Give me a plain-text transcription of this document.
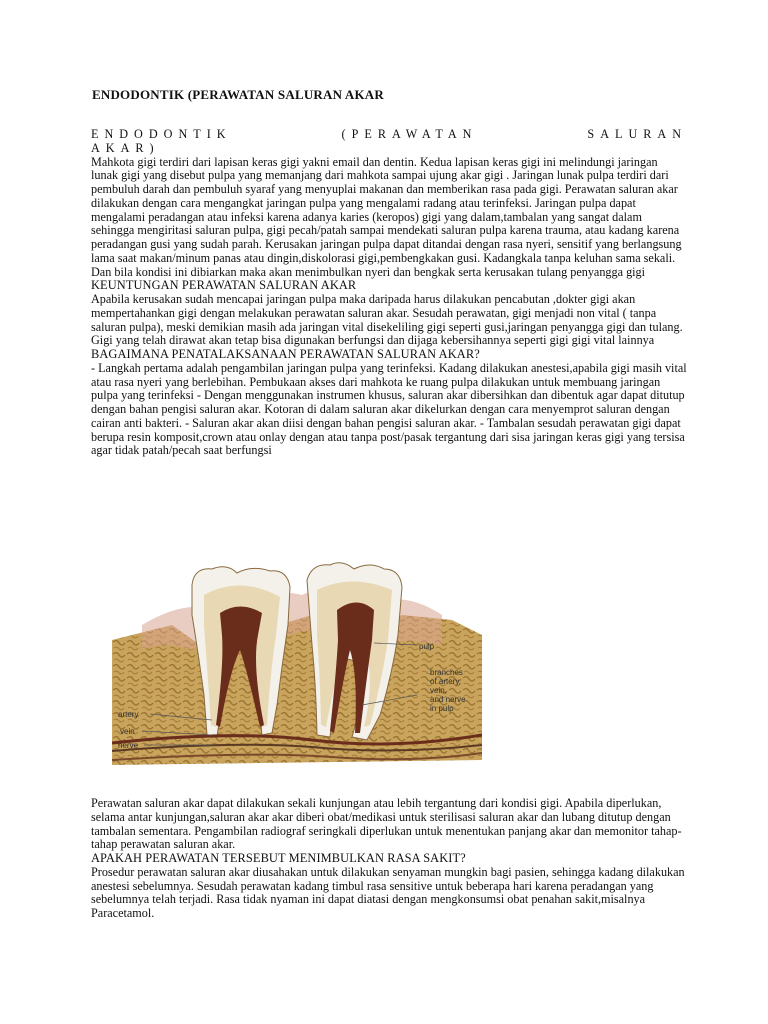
ENDODONTIK (PERAWATAN SALURAN AKAR

ENDODONTIK (PERAWATAN SALURAN

AKAR)

Mahkota gigi terdiri dari lapisan keras gigi yakni email dan dentin. Kedua lapisan keras gigi ini melindungi jaringan lunak gigi yang disebut pulpa yang memanjang dari mahkota sampai ujung akar gigi . Jaringan lunak pulpa terdiri dari pembuluh darah dan pembuluh syaraf yang menyuplai makanan dan memberikan rasa pada gigi. Perawatan saluran akar dilakukan dengan cara mengangkat jaringan pulpa yang mengalami radang atau terinfeksi. Jaringan pulpa dapat mengalami peradangan atau infeksi karena adanya karies (keropos) gigi yang dalam,tambalan yang sangat dalam sehingga mengiritasi saluran pulpa, gigi pecah/patah sampai mendekati saluran pulpa karena trauma, atau kadang karena peradangan gusi yang sudah parah. Kerusakan jaringan pulpa dapat ditandai dengan rasa nyeri, sensitif yang berlangsung lama saat makan/minum panas atau dingin,diskolorasi gigi,pembengkakan gusi. Kadangkala tanpa keluhan sama sekali. Dan bila kondisi ini dibiarkan maka akan menimbulkan nyeri dan bengkak serta kerusakan tulang penyangga gigi

KEUNTUNGAN PERAWATAN SALURAN AKAR

Apabila kerusakan sudah mencapai jaringan pulpa maka daripada harus dilakukan pencabutan ,dokter gigi akan mempertahankan gigi dengan melakukan perawatan saluran akar. Sesudah perawatan, gigi menjadi non vital ( tanpa saluran pulpa), meski demikian masih ada jaringan vital disekeliling gigi seperti gusi,jaringan penyangga gigi dan tulang. Gigi yang telah dirawat akan tetap bisa digunakan berfungsi dan dijaga kebersihannya seperti gigi gigi vital lainnya

BAGAIMANA PENATALAKSANAAN PERAWATAN SALURAN AKAR?

- Langkah pertama adalah pengambilan jaringan pulpa yang terinfeksi. Kadang dilakukan anestesi,apabila gigi masih vital atau rasa nyeri yang berlebihan. Pembukaan akses dari mahkota ke ruang pulpa dilakukan untuk membuang jaringan pulpa yang terinfeksi - Dengan menggunakan instrumen khusus, saluran akar dibersihkan dan dibentuk agar dapat ditutup dengan bahan pengisi saluran akar. Kotoran di dalam saluran akar dikelurkan dengan cara menyemprot saluran dengan cairan anti bakteri. - Saluran akar akan diisi dengan bahan pengisi saluran akar. - Tambalan sesudah perawatan gigi dapat berupa resin komposit,crown atau onlay dengan atau tanpa post/pasak tergantung dari sisa jaringan keras gigi yang tersisa agar tidak patah/pecah saat berfungsi

pulp
branches
of artery,
vein,
and nerve
in pulp
artery
vein
nerve

Perawatan saluran akar dapat dilakukan sekali kunjungan atau lebih tergantung dari kondisi gigi. Apabila diperlukan, selama antar kunjungan,saluran akar akar diberi obat/medikasi untuk sterilisasi saluran akar dan lubang ditutup dengan tambalan sementara. Pengambilan radiograf seringkali diperlukan untuk menentukan panjang akar dan memonitor tahap-tahap perawatan saluran akar.

APAKAH PERAWATAN TERSEBUT MENIMBULKAN RASA SAKIT?

Prosedur perawatan saluran akar diusahakan untuk dilakukan senyaman mungkin bagi pasien, sehingga kadang dilakukan anestesi sebelumnya. Sesudah perawatan kadang timbul rasa sensitive untuk beberapa hari karena peradangan yang sebelumnya telah terjadi. Rasa tidak nyaman ini dapat diatasi dengan mengkonsumsi obat penahan sakit,misalnya Paracetamol.
